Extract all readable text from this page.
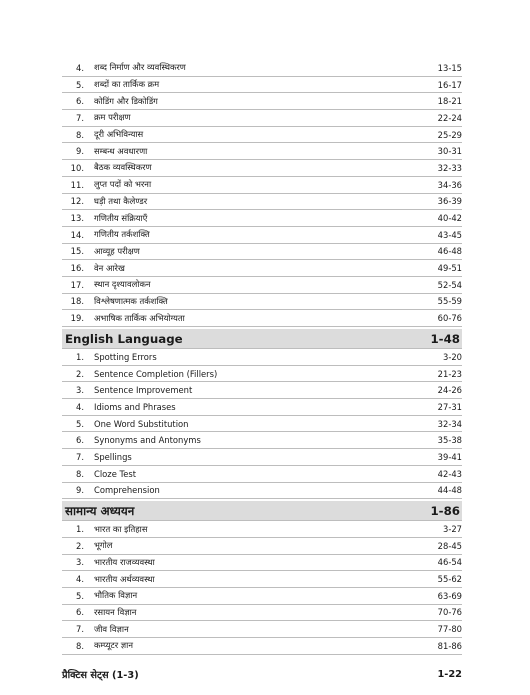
4.	शब्द निर्माण और व्यवस्थिकरण	13-15
5.	शब्दों का तार्किक क्रम	16-17
6.	कोडिंग और डिकोडिंग	18-21
7.	क्रम परीक्षण	22-24
8.	दूरी अभिविन्यास	25-29
9.	सम्बन्ध अवधारणा	30-31
10.	बैठक व्यवस्थिकरण	32-33
11.	लुप्त पदों को भरना	34-36
12.	घड़ी तथा कैलेण्डर	36-39
13.	गणितीय संक्रियाएँ	40-42
14.	गणितीय तर्कशक्ति	43-45
15.	आव्यूह परीक्षण	46-48
16.	वेन आरेख	49-51
17.	स्थान दृश्यावलोकन	52-54
18.	विश्लेषणात्मक तर्कशक्ति	55-59
19.	अभाषिक तार्किक अभियोग्यता	60-76
English Language	1-48
1.	Spotting Errors	3-20
2.	Sentence Completion (Fillers)	21-23
3.	Sentence Improvement	24-26
4.	Idioms and Phrases	27-31
5.	One Word Substitution	32-34
6.	Synonyms and Antonyms	35-38
7.	Spellings	39-41
8.	Cloze Test	42-43
9.	Comprehension	44-48
सामान्य अध्ययन	1-86
1.	भारत का इतिहास	3-27
2.	भूगोल	28-45
3.	भारतीय राजव्यवस्था	46-54
4.	भारतीय अर्थव्यवस्था	55-62
5.	भौतिक विज्ञान	63-69
6.	रसायन विज्ञान	70-76
7.	जीव विज्ञान	77-80
8.	कम्प्यूटर ज्ञान	81-86
प्रैक्टिस सेट्स (1-3)	1-22
